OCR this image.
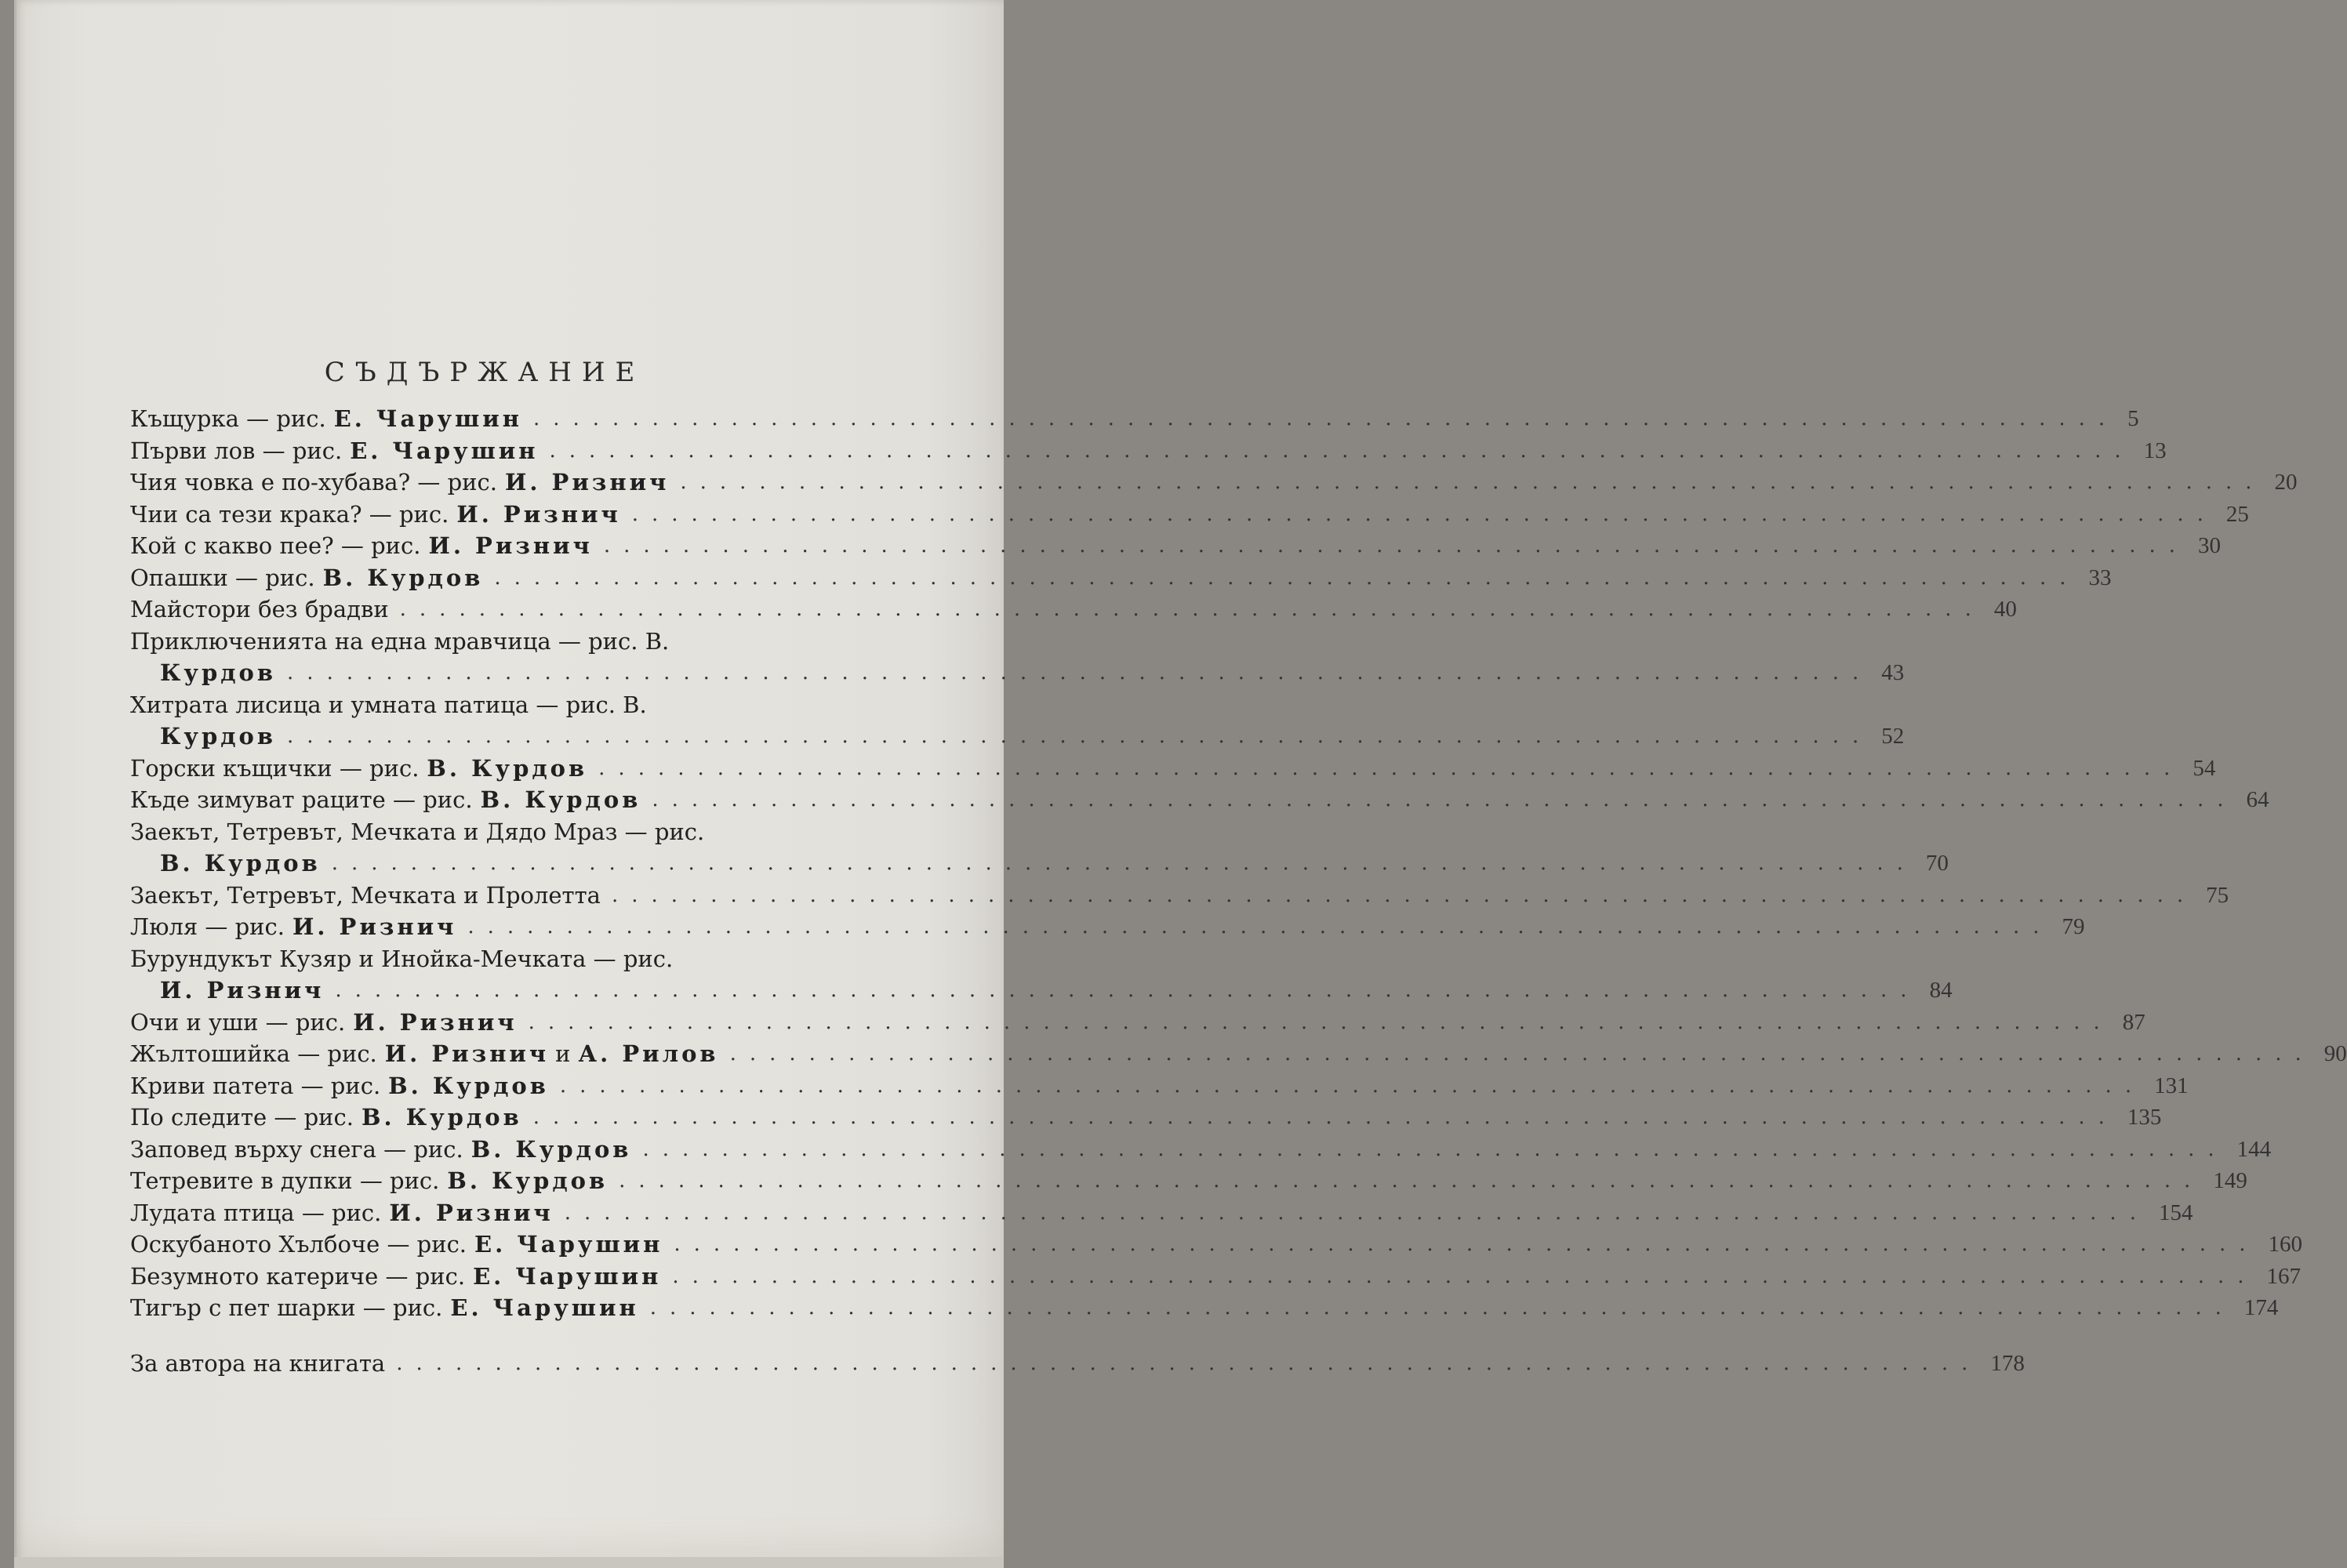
СЪДЪРЖАНИЕ
Къщурка — рис. Е. Чарушин ................................................................................ 5
Първи лов — рис. Е. Чарушин ................................................................................ 13
Чия човка е по-хубава? — рис. И. Ризнич ................................................................................ 20
Чии са тези крака? — рис. И. Ризнич ................................................................................ 25
Кой с какво пее? — рис. И. Ризнич ................................................................................ 30
Опашки — рис. В. Курдов ................................................................................ 33
Майстори без брадви ................................................................................ 40
Приключенията на една мравчица — рис. В.
Курдов ................................................................................ 43
Хитрата лисица и умната патица — рис. В.
Курдов ................................................................................ 52
Горски къщички — рис. В. Курдов ................................................................................ 54
Къде зимуват раците — рис. В. Курдов ................................................................................ 64
Заекът, Тетревът, Мечката и Дядо Мраз — рис.
В. Курдов ................................................................................ 70
Заекът, Тетревът, Мечката и Пролетта ................................................................................ 75
Люля — рис. И. Ризнич ................................................................................ 79
Бурундукът Кузяр и Инойка-Мечката — рис.
И. Ризнич ................................................................................ 84
Очи и уши — рис. И. Ризнич ................................................................................ 87
Жълтошийка — рис. И. Ризнич и А. Рилов ................................................................................ 90
Криви патета — рис. В. Курдов ................................................................................ 131
По следите — рис. В. Курдов ................................................................................ 135
Заповед върху снега — рис. В. Курдов ................................................................................ 144
Тетревите в дупки — рис. В. Курдов ................................................................................ 149
Лудата птица — рис. И. Ризнич ................................................................................ 154
Оскубаното Хълбоче — рис. Е. Чарушин ................................................................................ 160
Безумното катериче — рис. Е. Чарушин ................................................................................ 167
Тигър с пет шарки — рис. Е. Чарушин ................................................................................ 174
За автора на книгата ................................................................................ 178
